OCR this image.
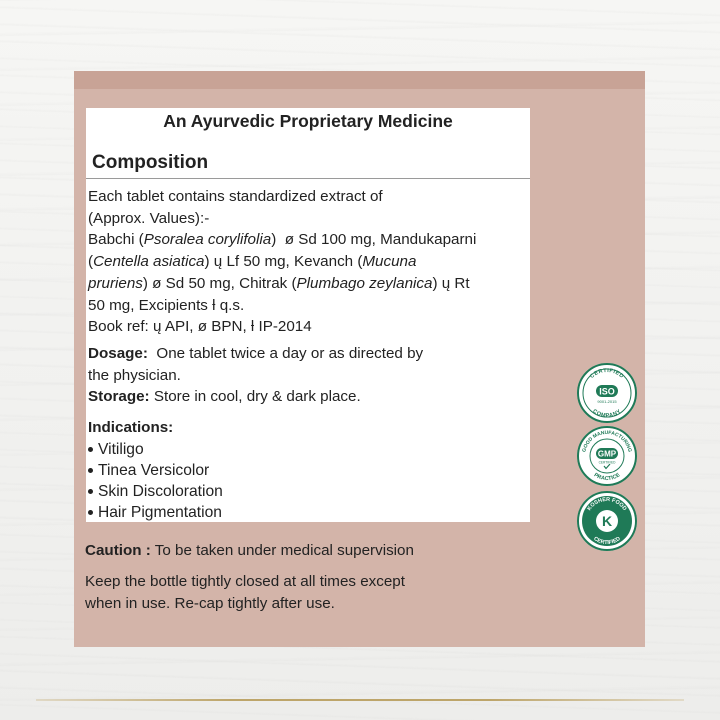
An Ayurvedic Proprietary Medicine
Composition

Each tablet contains standardized extract of

(Approx. Values):-

Babchi (Psoralea corylifolia)  ø Sd 100 mg, Mandukaparni

(Centella asiatica) ų Lf 50 mg, Kevanch (Mucuna

pruriens) ø Sd 50 mg, Chitrak (Plumbago zeylanica) ų Rt

50 mg, Excipients ƚ q.s.

Book ref: ų API, ø BPN, ƚ IP-2014

Dosage: One tablet twice a day or as directed by

the physician.

Storage: Store in cool, dry & dark place.

Indications:

Vitiligo
Tinea Versicolor
Skin Discoloration
Hair Pigmentation

Caution : To be taken under medical supervision

Keep the bottle tightly closed at all times except

when in use. Re-cap tightly after use.

CERTIFIED
COMPANY
ISO
9001-2015
GOOD MANUFACTURING
PRACTICE
GMP
CERTIFIED
KOSHER FOOD
CERTIFIED
K
